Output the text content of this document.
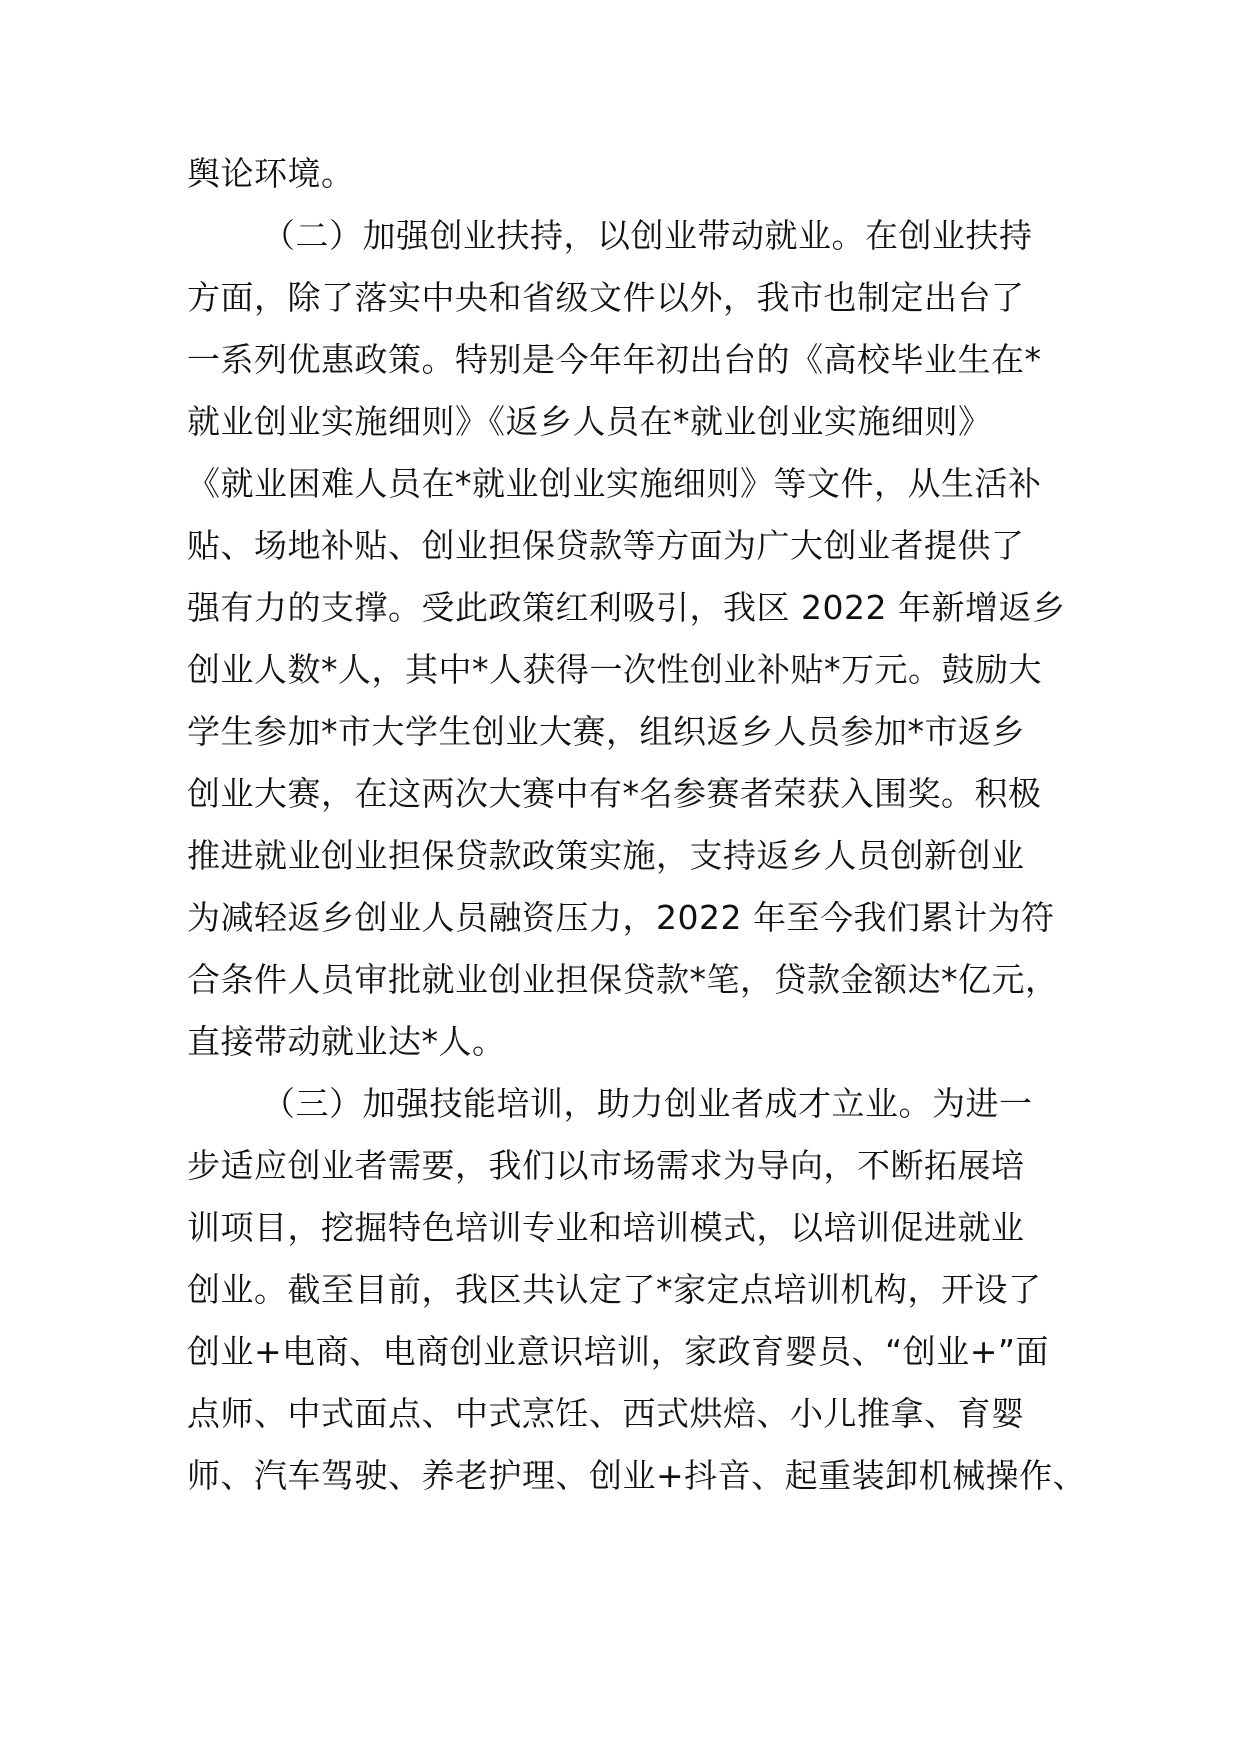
舆论环境。
（二）加强创业扶持，以创业带动就业。在创业扶持
方面，除了落实中央和省级文件以外，我市也制定出台了
一系列优惠政策。特别是今年年初出台的《高校毕业生在*
就业创业实施细则》《返乡人员在*就业创业实施细则》
《就业困难人员在*就业创业实施细则》等文件，从生活补
贴、场地补贴、创业担保贷款等方面为广大创业者提供了
强有力的支撑。受此政策红利吸引，我区 2022 年新增返乡
创业人数*人，其中*人获得一次性创业补贴*万元。鼓励大
学生参加*市大学生创业大赛，组织返乡人员参加*市返乡
创业大赛，在这两次大赛中有*名参赛者荣获入围奖。积极
推进就业创业担保贷款政策实施，支持返乡人员创新创业
为减轻返乡创业人员融资压力，2022 年至今我们累计为符
合条件人员审批就业创业担保贷款*笔，贷款金额达*亿元，
直接带动就业达*人。
（三）加强技能培训，助力创业者成才立业。为进一
步适应创业者需要，我们以市场需求为导向，不断拓展培
训项目，挖掘特色培训专业和培训模式，以培训促进就业
创业。截至目前，我区共认定了*家定点培训机构，开设了
创业+电商、电商创业意识培训，家政育婴员、“创业+”面
点师、中式面点、中式烹饪、西式烘焙、小儿推拿、育婴
师、汽车驾驶、养老护理、创业+抖音、起重装卸机械操作、
